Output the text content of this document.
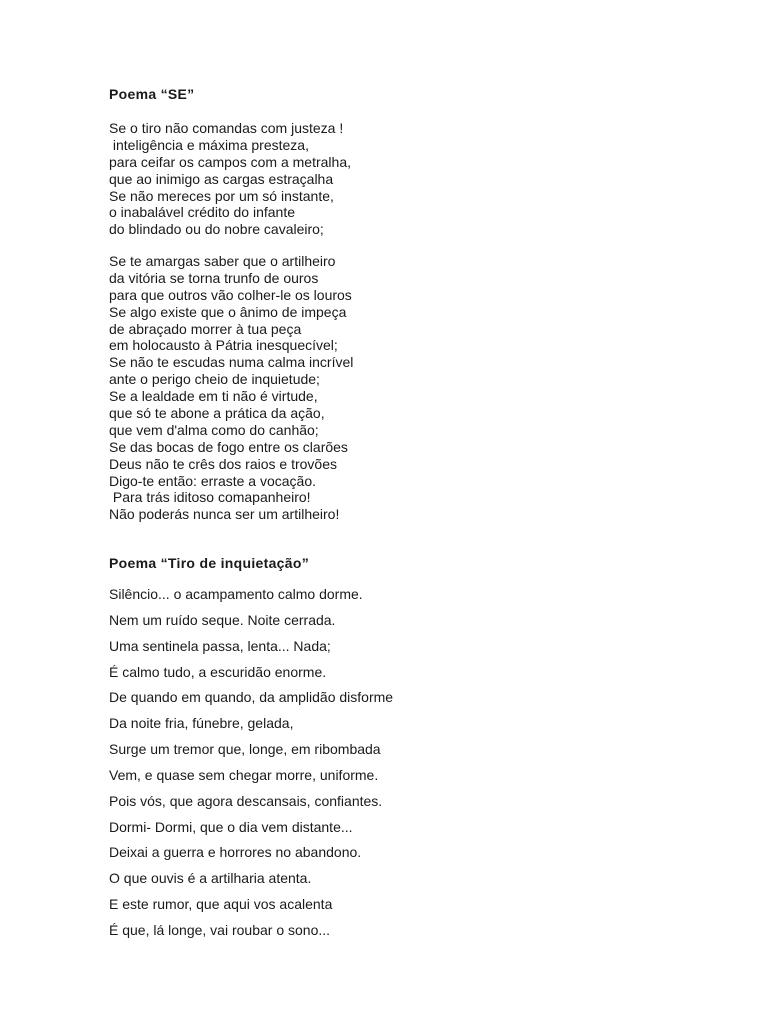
Poema “SE”
Se o tiro não comandas com justeza !
inteligência e máxima presteza,
para ceifar os campos com a metralha,
que ao inimigo as cargas estraçalha
Se não mereces por um só instante,
o inabalável crédito do infante
do blindado ou do nobre cavaleiro;
Se te amargas saber que o artilheiro
da vitória se torna trunfo de ouros
para que outros vão colher-le os louros
Se algo existe que o ânimo de impeça
de abraçado morrer à tua peça
em holocausto à Pátria inesquecível;
Se não te escudas numa calma incrível
ante o perigo cheio de inquietude;
Se a lealdade em ti não é virtude,
que só te abone a prática da ação,
que vem d'alma como do canhão;
Se das bocas de fogo entre os clarões
Deus não te crês dos raios e trovões
Digo-te então: erraste a vocação.
Para trás iditoso comapanheiro!
Não poderás nunca ser um artilheiro!
Poema “Tiro de inquietação”
Silêncio... o acampamento calmo dorme.
Nem um ruído seque. Noite cerrada.
Uma sentinela passa, lenta... Nada;
É calmo tudo, a escuridão enorme.
De quando em quando, da amplidão disforme
Da noite fria, fúnebre, gelada,
Surge um tremor que, longe, em ribombada
Vem, e quase sem chegar morre, uniforme.
Pois vós, que agora descansais, confiantes.
Dormi- Dormi, que o dia vem distante...
Deixai a guerra e horrores no abandono.
O que ouvis é a artilharia atenta.
E este rumor, que aqui vos acalenta
É que, lá longe, vai roubar o sono...
